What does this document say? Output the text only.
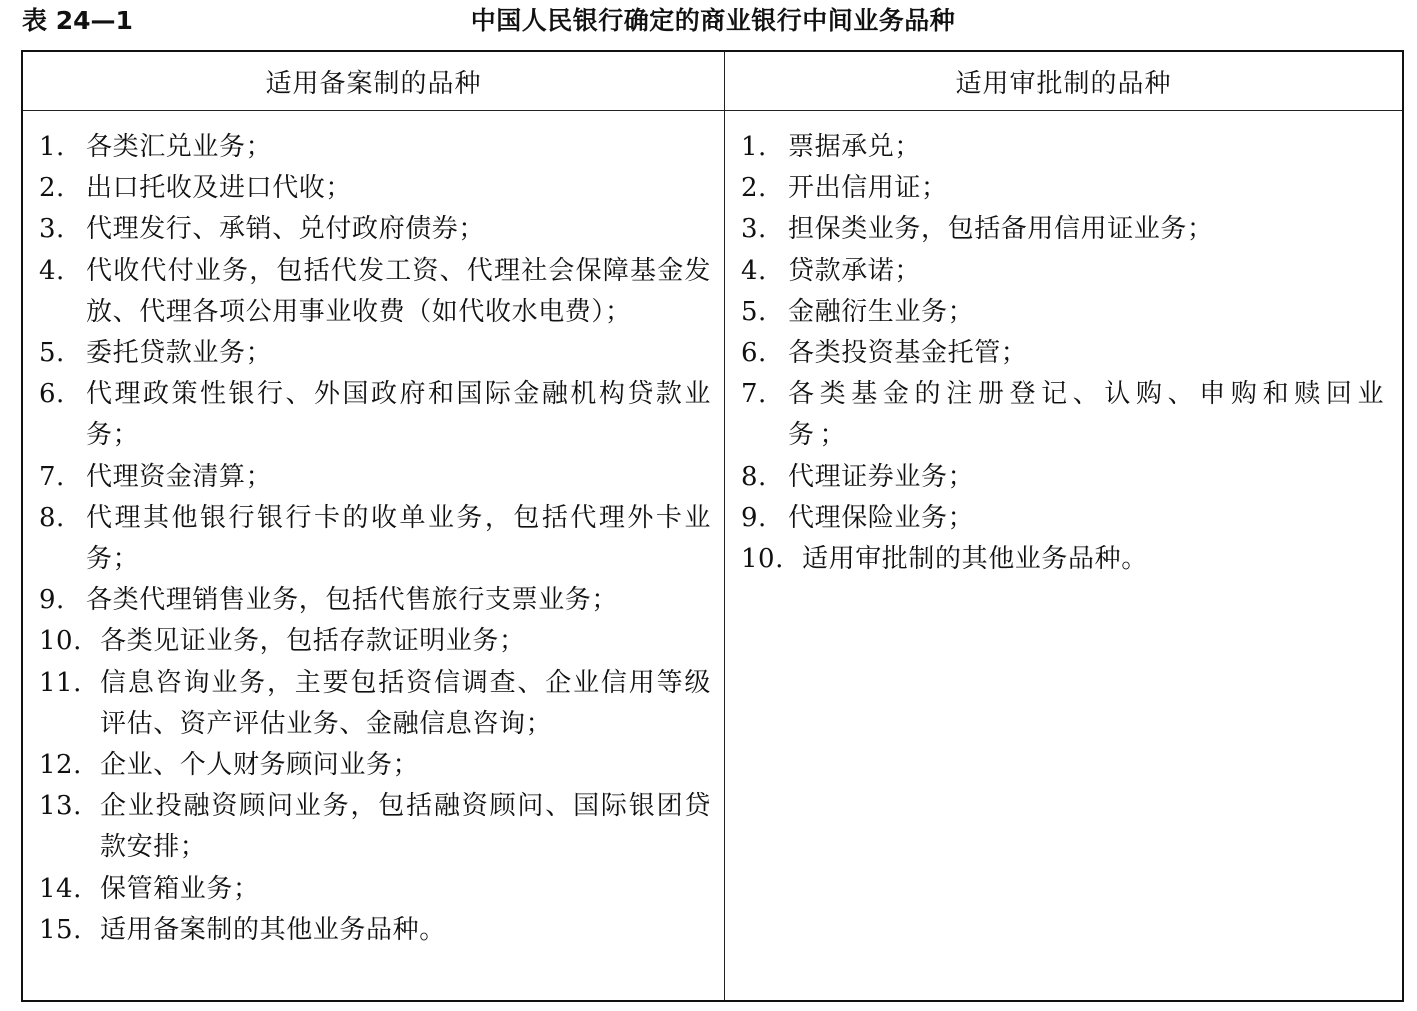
表 24—1	中国人民银行确定的商业银行中间业务品种
适用备案制的品种	适用审批制的品种
1. 各类汇兑业务；
2. 出口托收及进口代收；
3. 代理发行、承销、兑付政府债券；
4. 代收代付业务，包括代发工资、代理社会保障基金发放、代理各项公用事业收费（如代收水电费）；
5. 委托贷款业务；
6. 代理政策性银行、外国政府和国际金融机构贷款业务；
7. 代理资金清算；
8. 代理其他银行银行卡的收单业务，包括代理外卡业务；
9. 各类代理销售业务，包括代售旅行支票业务；
10. 各类见证业务，包括存款证明业务；
11. 信息咨询业务，主要包括资信调查、企业信用等级评估、资产评估业务、金融信息咨询；
12. 企业、个人财务顾问业务；
13. 企业投融资顾问业务，包括融资顾问、国际银团贷款安排；
14. 保管箱业务；
15. 适用备案制的其他业务品种。
1. 票据承兑；
2. 开出信用证；
3. 担保类业务，包括备用信用证业务；
4. 贷款承诺；
5. 金融衍生业务；
6. 各类投资基金托管；
7. 各类基金的注册登记、认购、申购和赎回业务；
8. 代理证券业务；
9. 代理保险业务；
10. 适用审批制的其他业务品种。
